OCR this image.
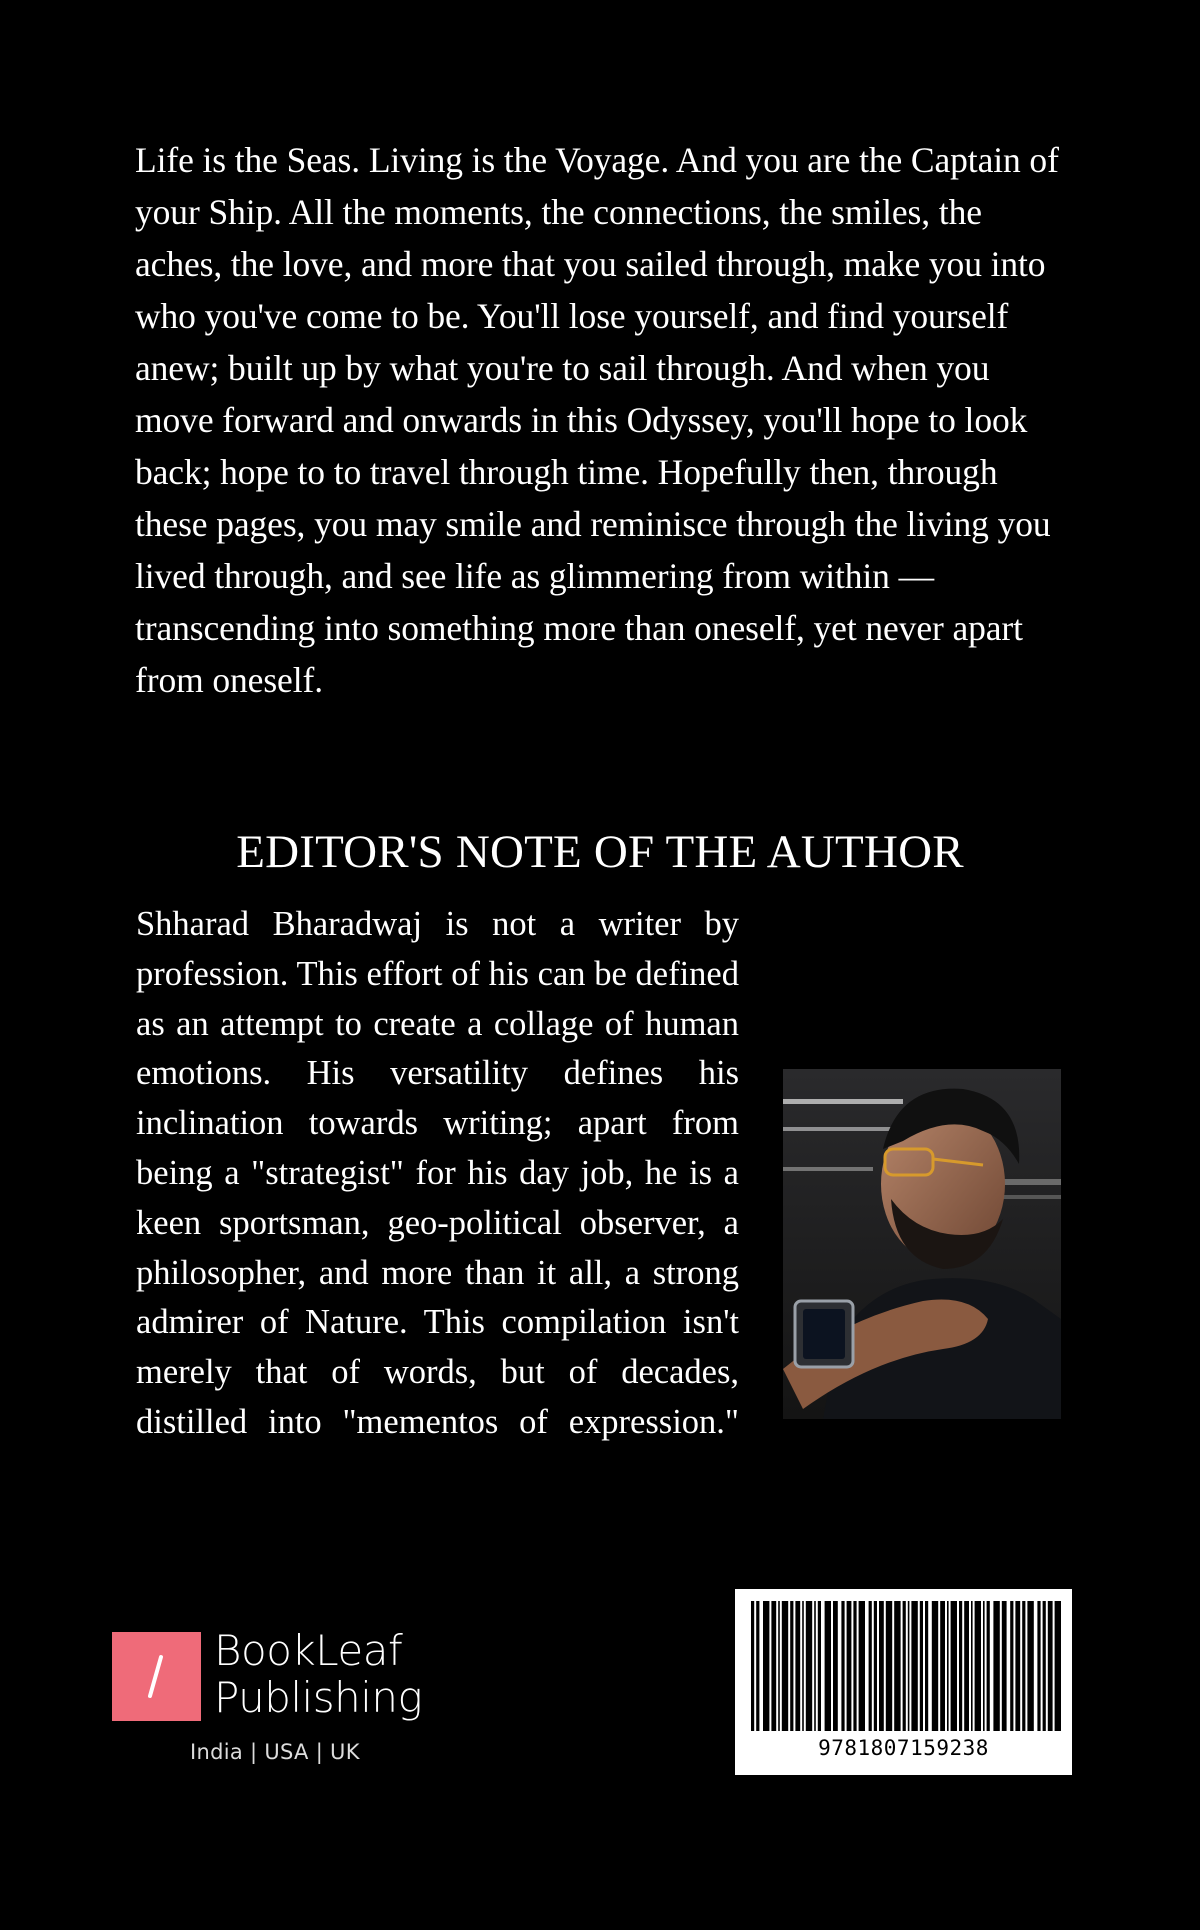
Life is the Seas. Living is the Voyage. And you are the Captain of your Ship. All the moments, the connections, the smiles, the aches, the love, and more that you sailed through, make you into who you've come to be. You'll lose yourself, and find yourself anew; built up by what you're to sail through. And when you move forward and onwards in this Odyssey, you'll hope to look back; hope to to travel through time. Hopefully then, through these pages, you may smile and reminisce through the living you lived through, and see life as glimmering from within — transcending into something more than oneself, yet never apart from oneself.

EDITOR'S NOTE OF THE AUTHOR

Shharad Bharadwaj is not a writer by profession. This effort of his can be defined as an attempt to create a collage of human emotions. His versatility defines his inclination towards writing; apart from being a "strategist" for his day job, he is a keen sportsman, geo-political observer, a philosopher, and more than it all, a strong admirer of Nature. This compilation isn't merely that of words, but of decades, distilled into "mementos of expression."

BookLeaf
Publishing
India | USA | UK	9781807159238
